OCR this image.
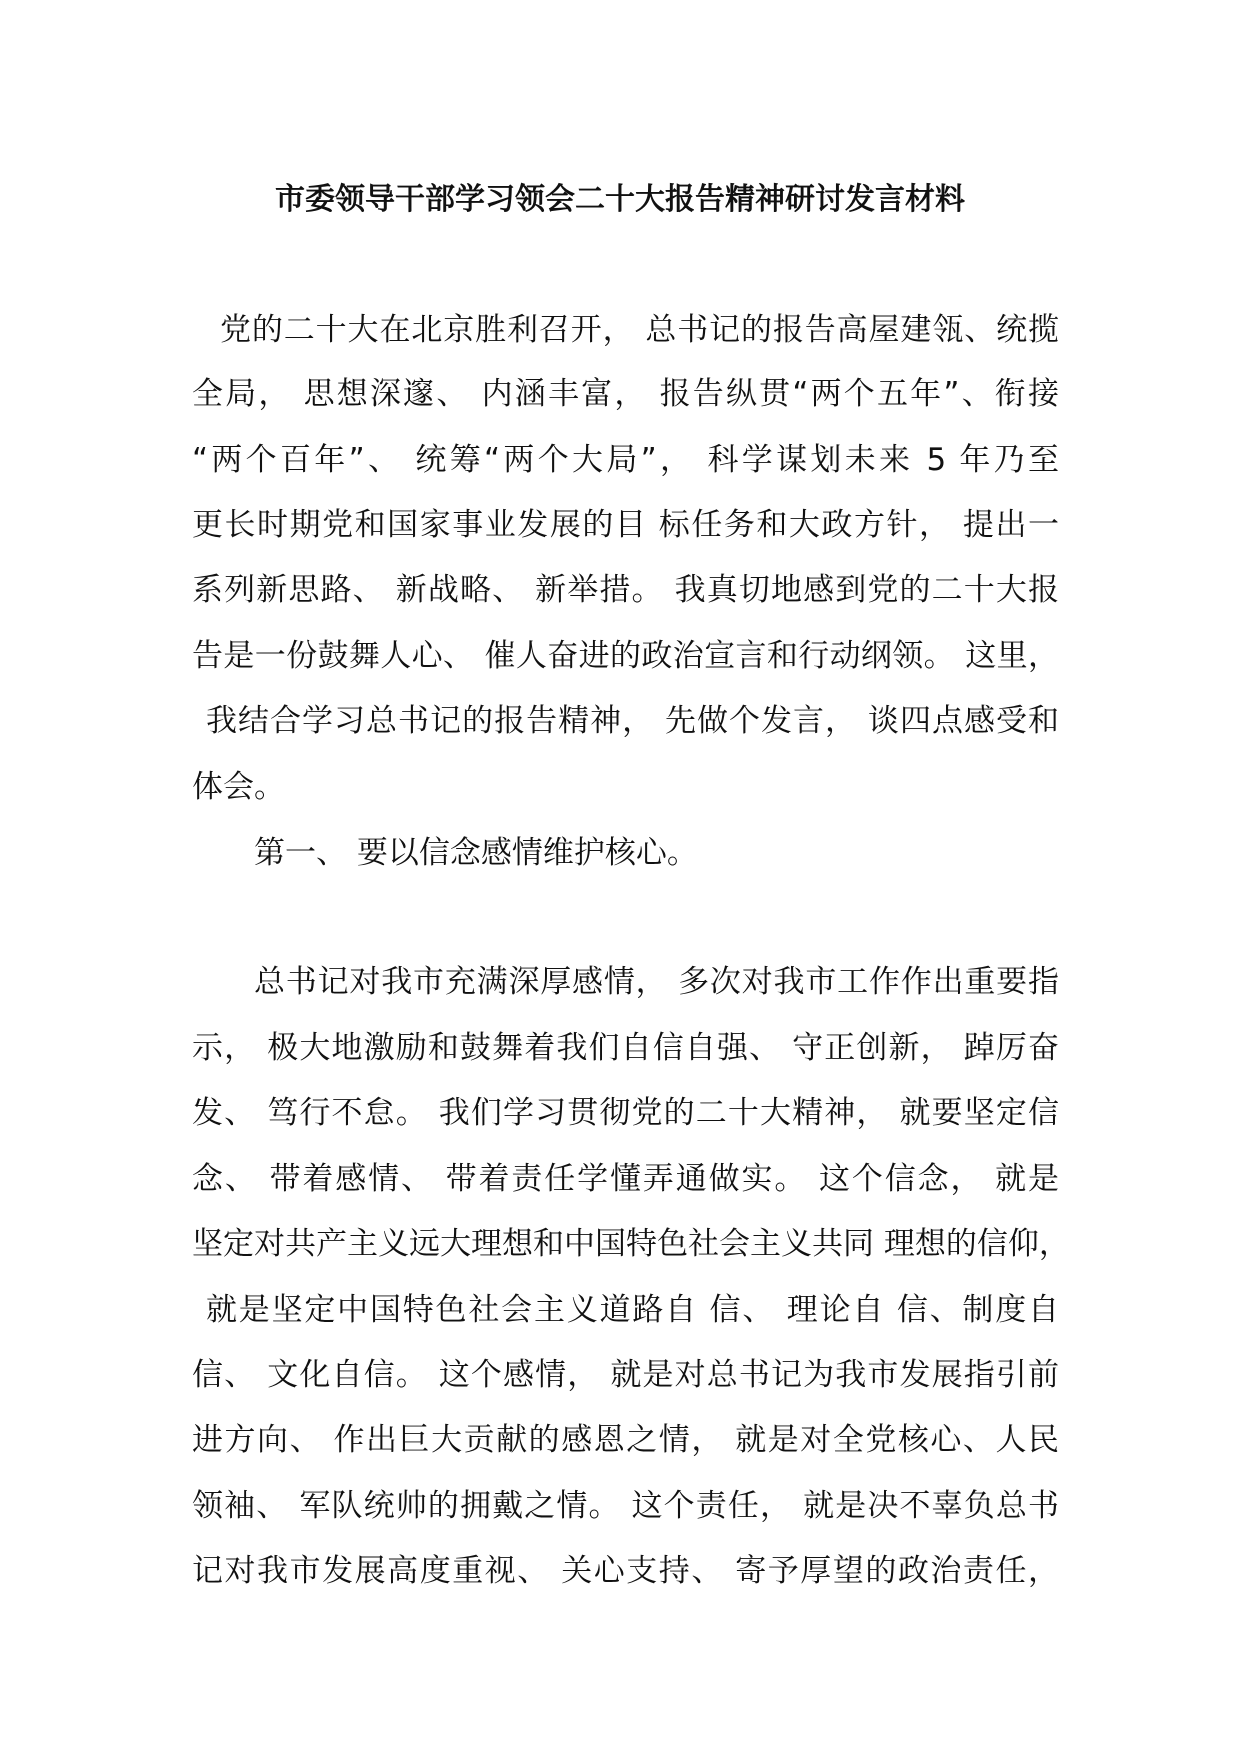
市委领导干部学习领会二十大报告精神研讨发言材料
党的二十大在北京胜利召开， 总书记的报告高屋建瓴、统揽
全局， 思想深邃、 内涵丰富， 报告纵贯“两个五年”、衔接
“两个百年”、 统筹“两个大局”， 科学谋划未来 5 年乃至
更长时期党和国家事业发展的目 标任务和大政方针， 提出一
系列新思路、 新战略、 新举措。 我真切地感到党的二十大报
告是一份鼓舞人心、 催人奋进的政治宣言和行动纲领。 这里，
我结合学习总书记的报告精神， 先做个发言， 谈四点感受和
体会。
第一、 要以信念感情维护核心。
总书记对我市充满深厚感情， 多次对我市工作作出重要指
示， 极大地激励和鼓舞着我们自信自强、 守正创新， 踔厉奋
发、 笃行不怠。 我们学习贯彻党的二十大精神， 就要坚定信
念、 带着感情、 带着责任学懂弄通做实。 这个信念， 就是
坚定对共产主义远大理想和中国特色社会主义共同 理想的信仰，
就是坚定中国特色社会主义道路自 信、 理论自 信、制度自
信、 文化自信。 这个感情， 就是对总书记为我市发展指引前
进方向、 作出巨大贡献的感恩之情， 就是对全党核心、人民
领袖、 军队统帅的拥戴之情。 这个责任， 就是决不辜负总书
记对我市发展高度重视、 关心支持、 寄予厚望的政治责任，
